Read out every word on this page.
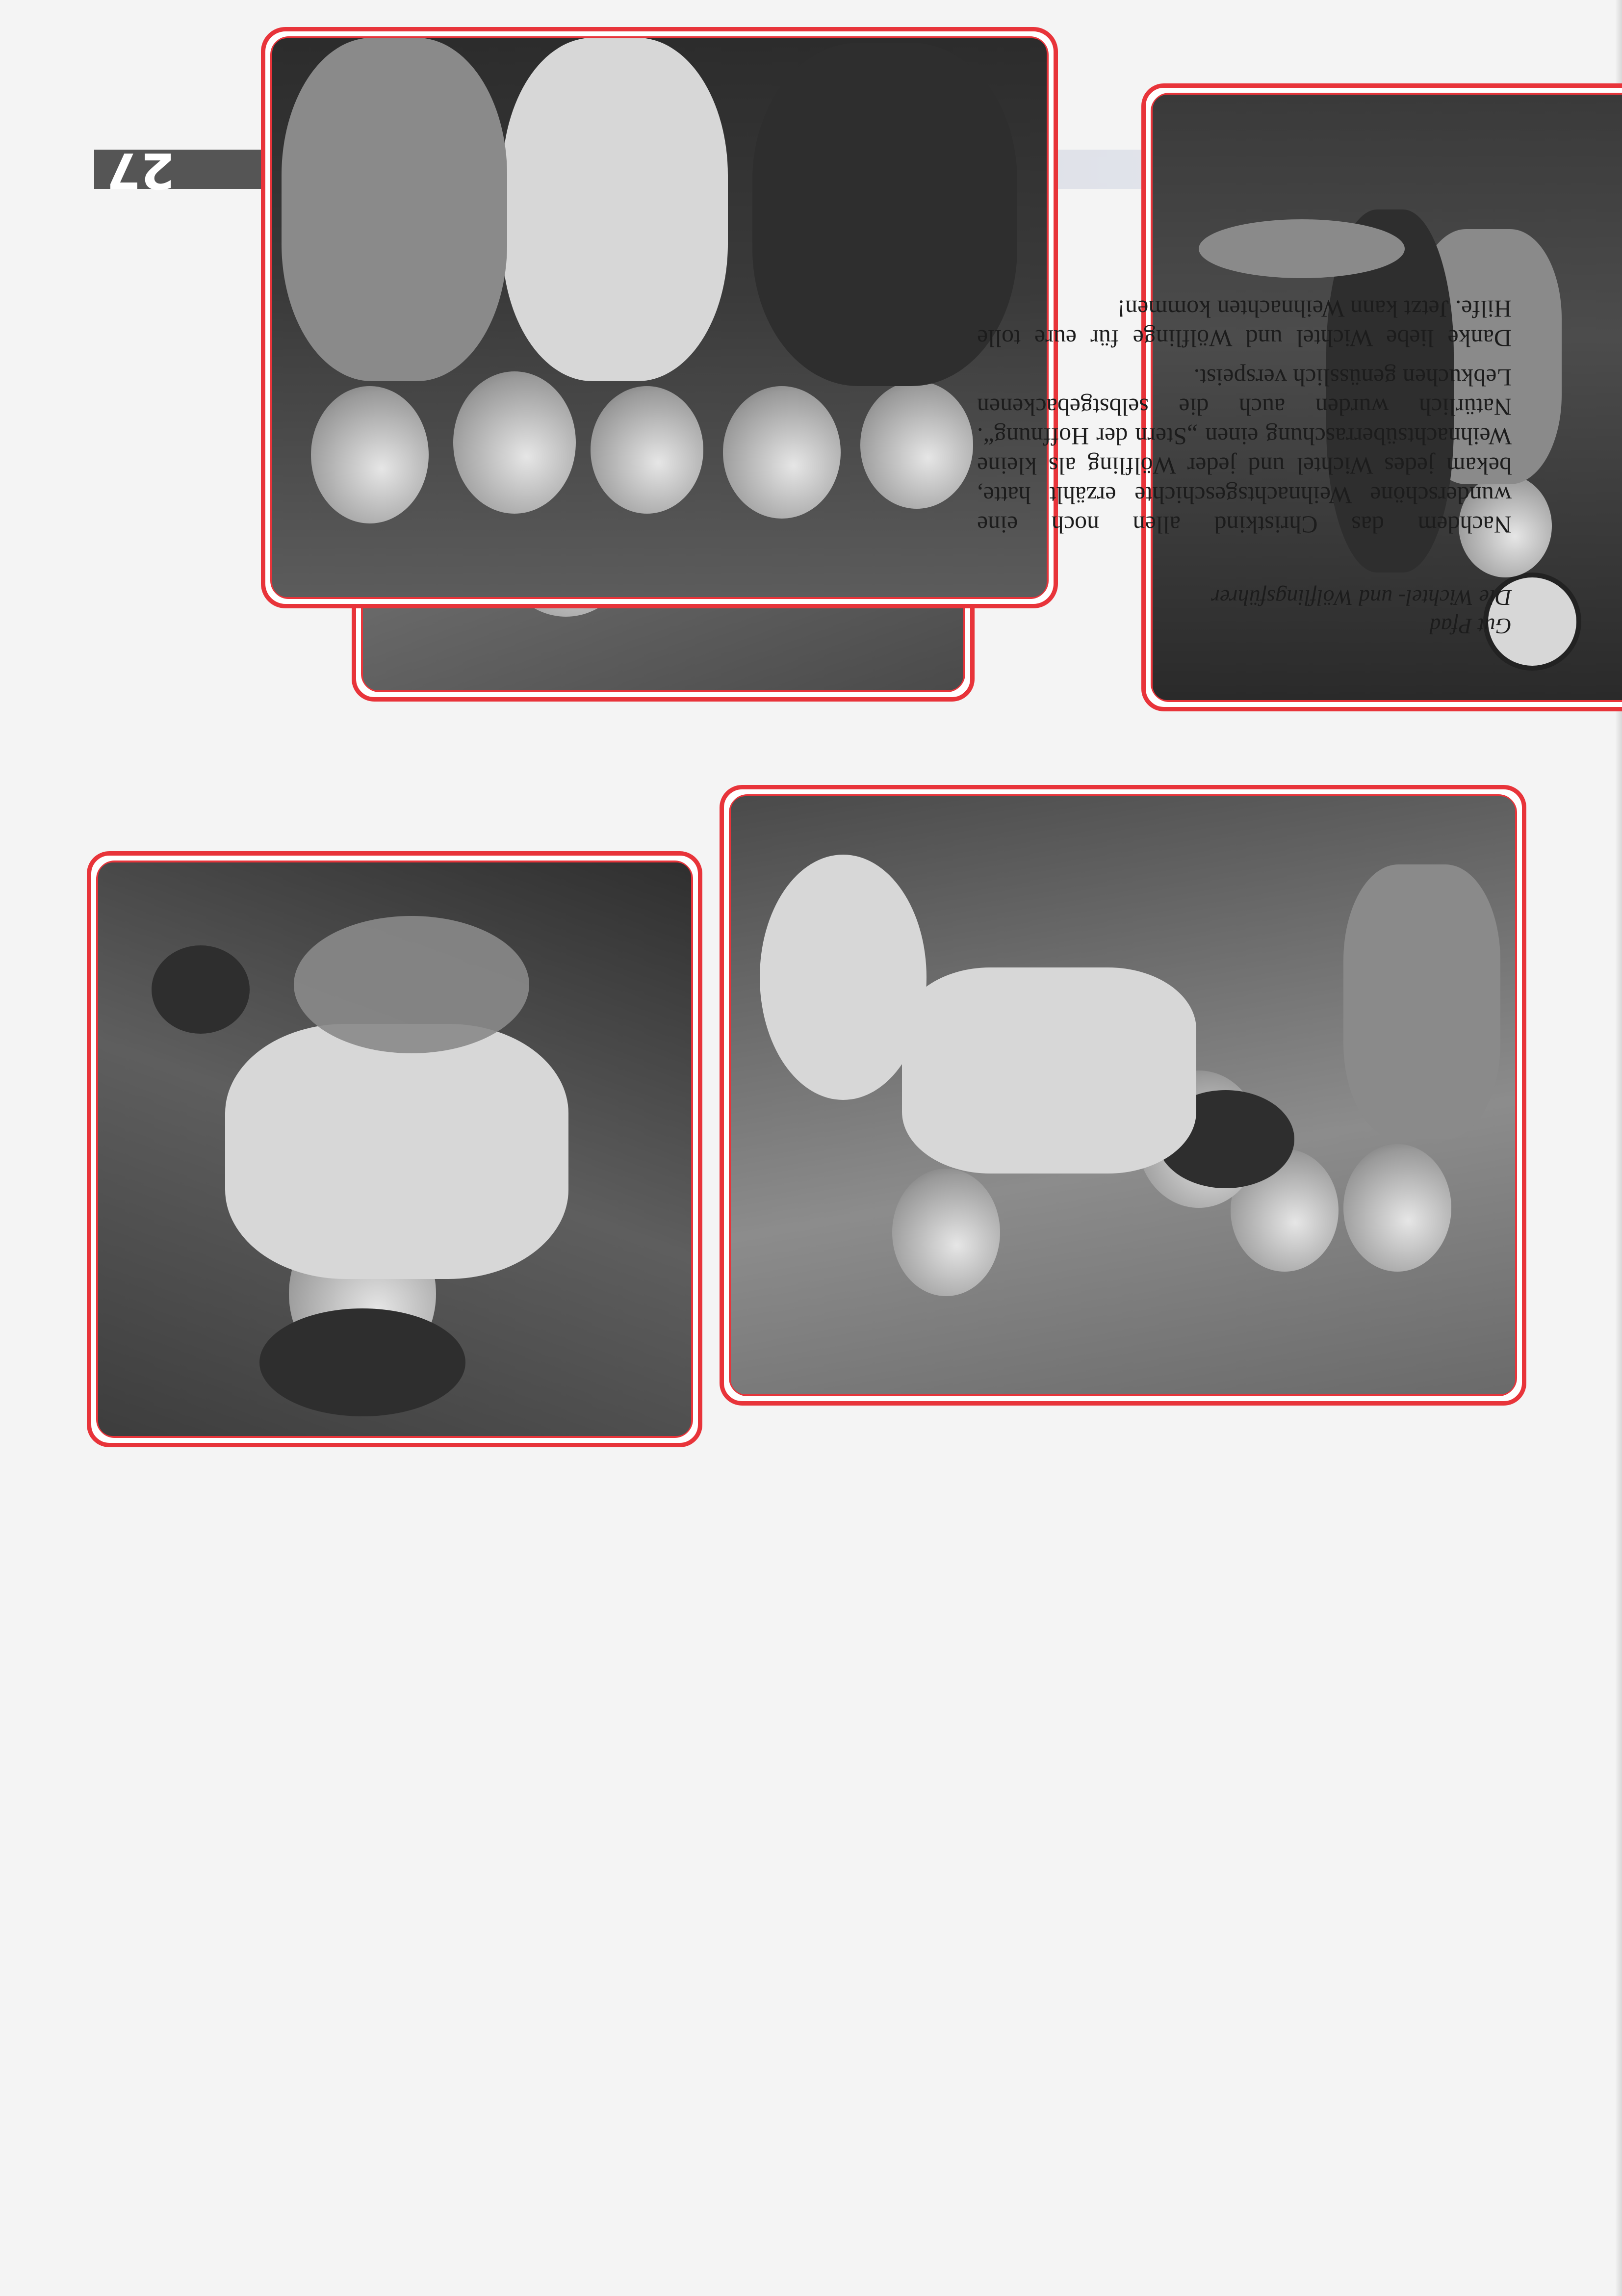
27

Nachdem das Christkind allen noch eine wunderschöne Weihnachtsgeschichte erzählt hatte, bekam jedes Wichtel und jeder Wölfling als kleine Weihnachtsüberraschung einen „Stern der Hoffnung“. Natürlich wurden auch die selbstgebackenen Lebkuchen genüsslich verspeist.

Danke liebe Wichtel und Wölflinge für eure tolle Hilfe. Jetzt kann Weihnachten kommen!

Gut Pfad
Die Wichtel- und Wölflingsführer
